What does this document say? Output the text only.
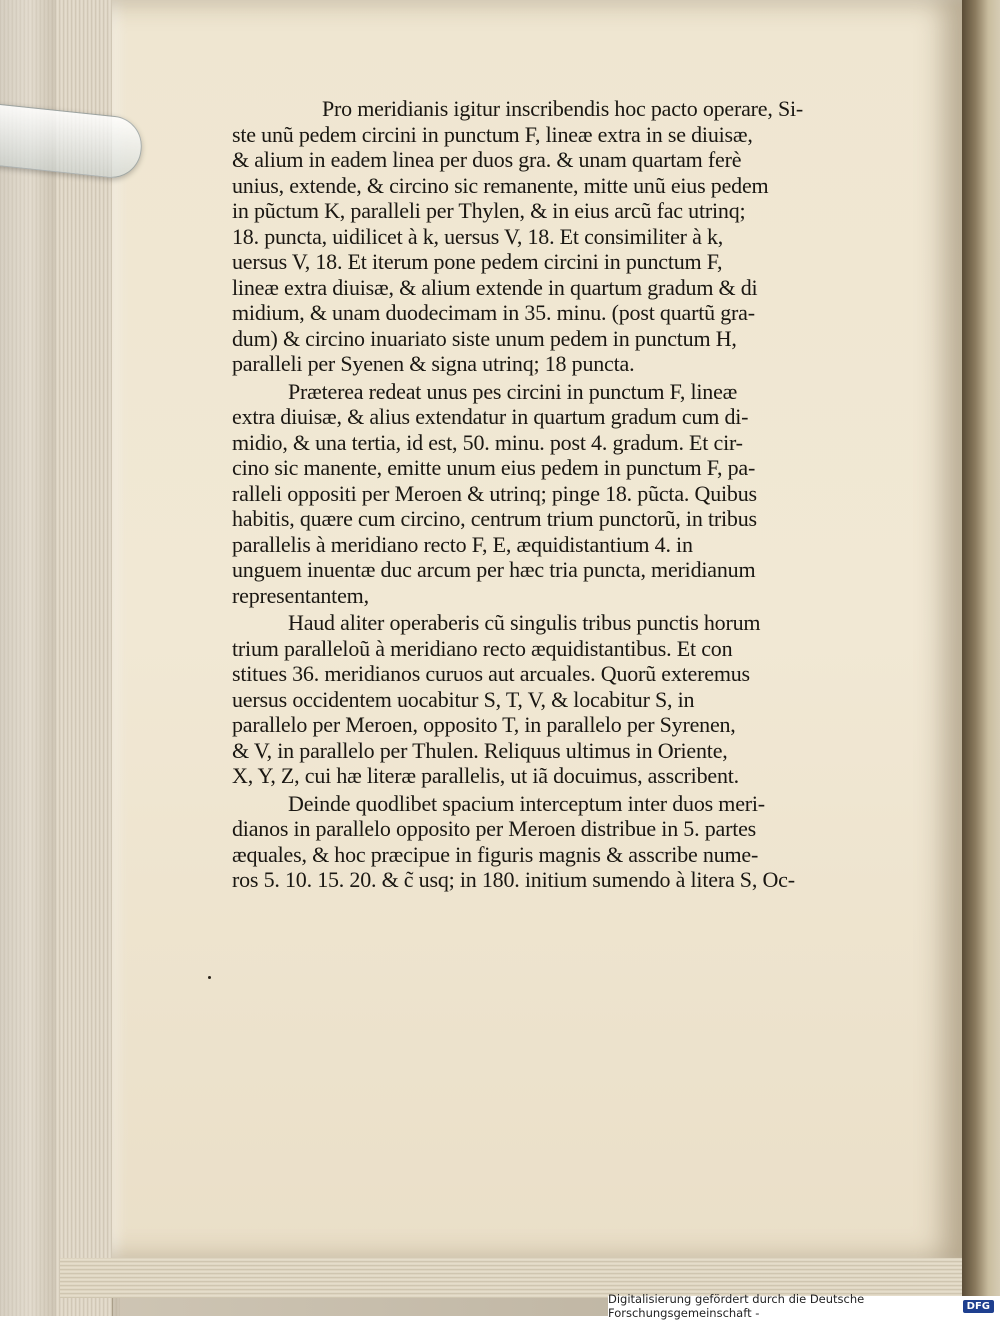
Pro meridianis igitur inscribendis hoc pacto operare, Si-
ste unũ pedem circini in punctum F, lineæ extra in se diuisæ,
& alium in eadem linea per duos gra. & unam quartam ferè
unius, extende, & circino sic remanente, mitte unũ eius pedem
in pũctum K, paralleli per Thylen, & in eius arcũ fac utrinq;
18. puncta, uidilicet à k, uersus V, 18. Et consimiliter à k,
uersus V, 18. Et iterum pone pedem circini in punctum F,
lineæ extra diuisæ, & alium extende in quartum gradum & di
midium, & unam duodecimam in 35. minu. (post quartũ gra-
dum) & circino inuariato siste unum pedem in punctum H,
paralleli per Syenen & signa utrinq; 18 puncta.

Præterea redeat unus pes circini in punctum F, lineæ
extra diuisæ, & alius extendatur in quartum gradum cum di-
midio, & una tertia, id est, 50. minu. post 4. gradum. Et cir-
cino sic manente, emitte unum eius pedem in punctum F, pa-
ralleli oppositi per Meroen & utrinq; pinge 18. pũcta. Quibus
habitis, quære cum circino, centrum trium punctorũ, in tribus
parallelis à meridiano recto F, E, æquidistantium 4. in
unguem inuentæ duc arcum per hæc tria puncta, meridianum
representantem,

Haud aliter operaberis cũ singulis tribus punctis horum
trium paralleloũ à meridiano recto æquidistantibus. Et con
stitues 36. meridianos curuos aut arcuales. Quorũ exteremus
uersus occidentem uocabitur S, T, V, & locabitur S, in
parallelo per Meroen, opposito T, in parallelo per Syrenen,
& V, in parallelo per Thulen. Reliquus ultimus in Oriente,
X, Y, Z, cui hæ literæ parallelis, ut iã docuimus, asscribent.

Deinde quodlibet spacium interceptum inter duos meri-
dianos in parallelo opposito per Meroen distribue in 5. partes
æquales, & hoc præcipue in figuris magnis & asscribe nume-
ros 5. 10. 15. 20. & c̃ usq; in 180. initium sumendo à litera S, Oc-

Digitalisierung gefördert durch die Deutsche Forschungsgemeinschaft -	DFG
